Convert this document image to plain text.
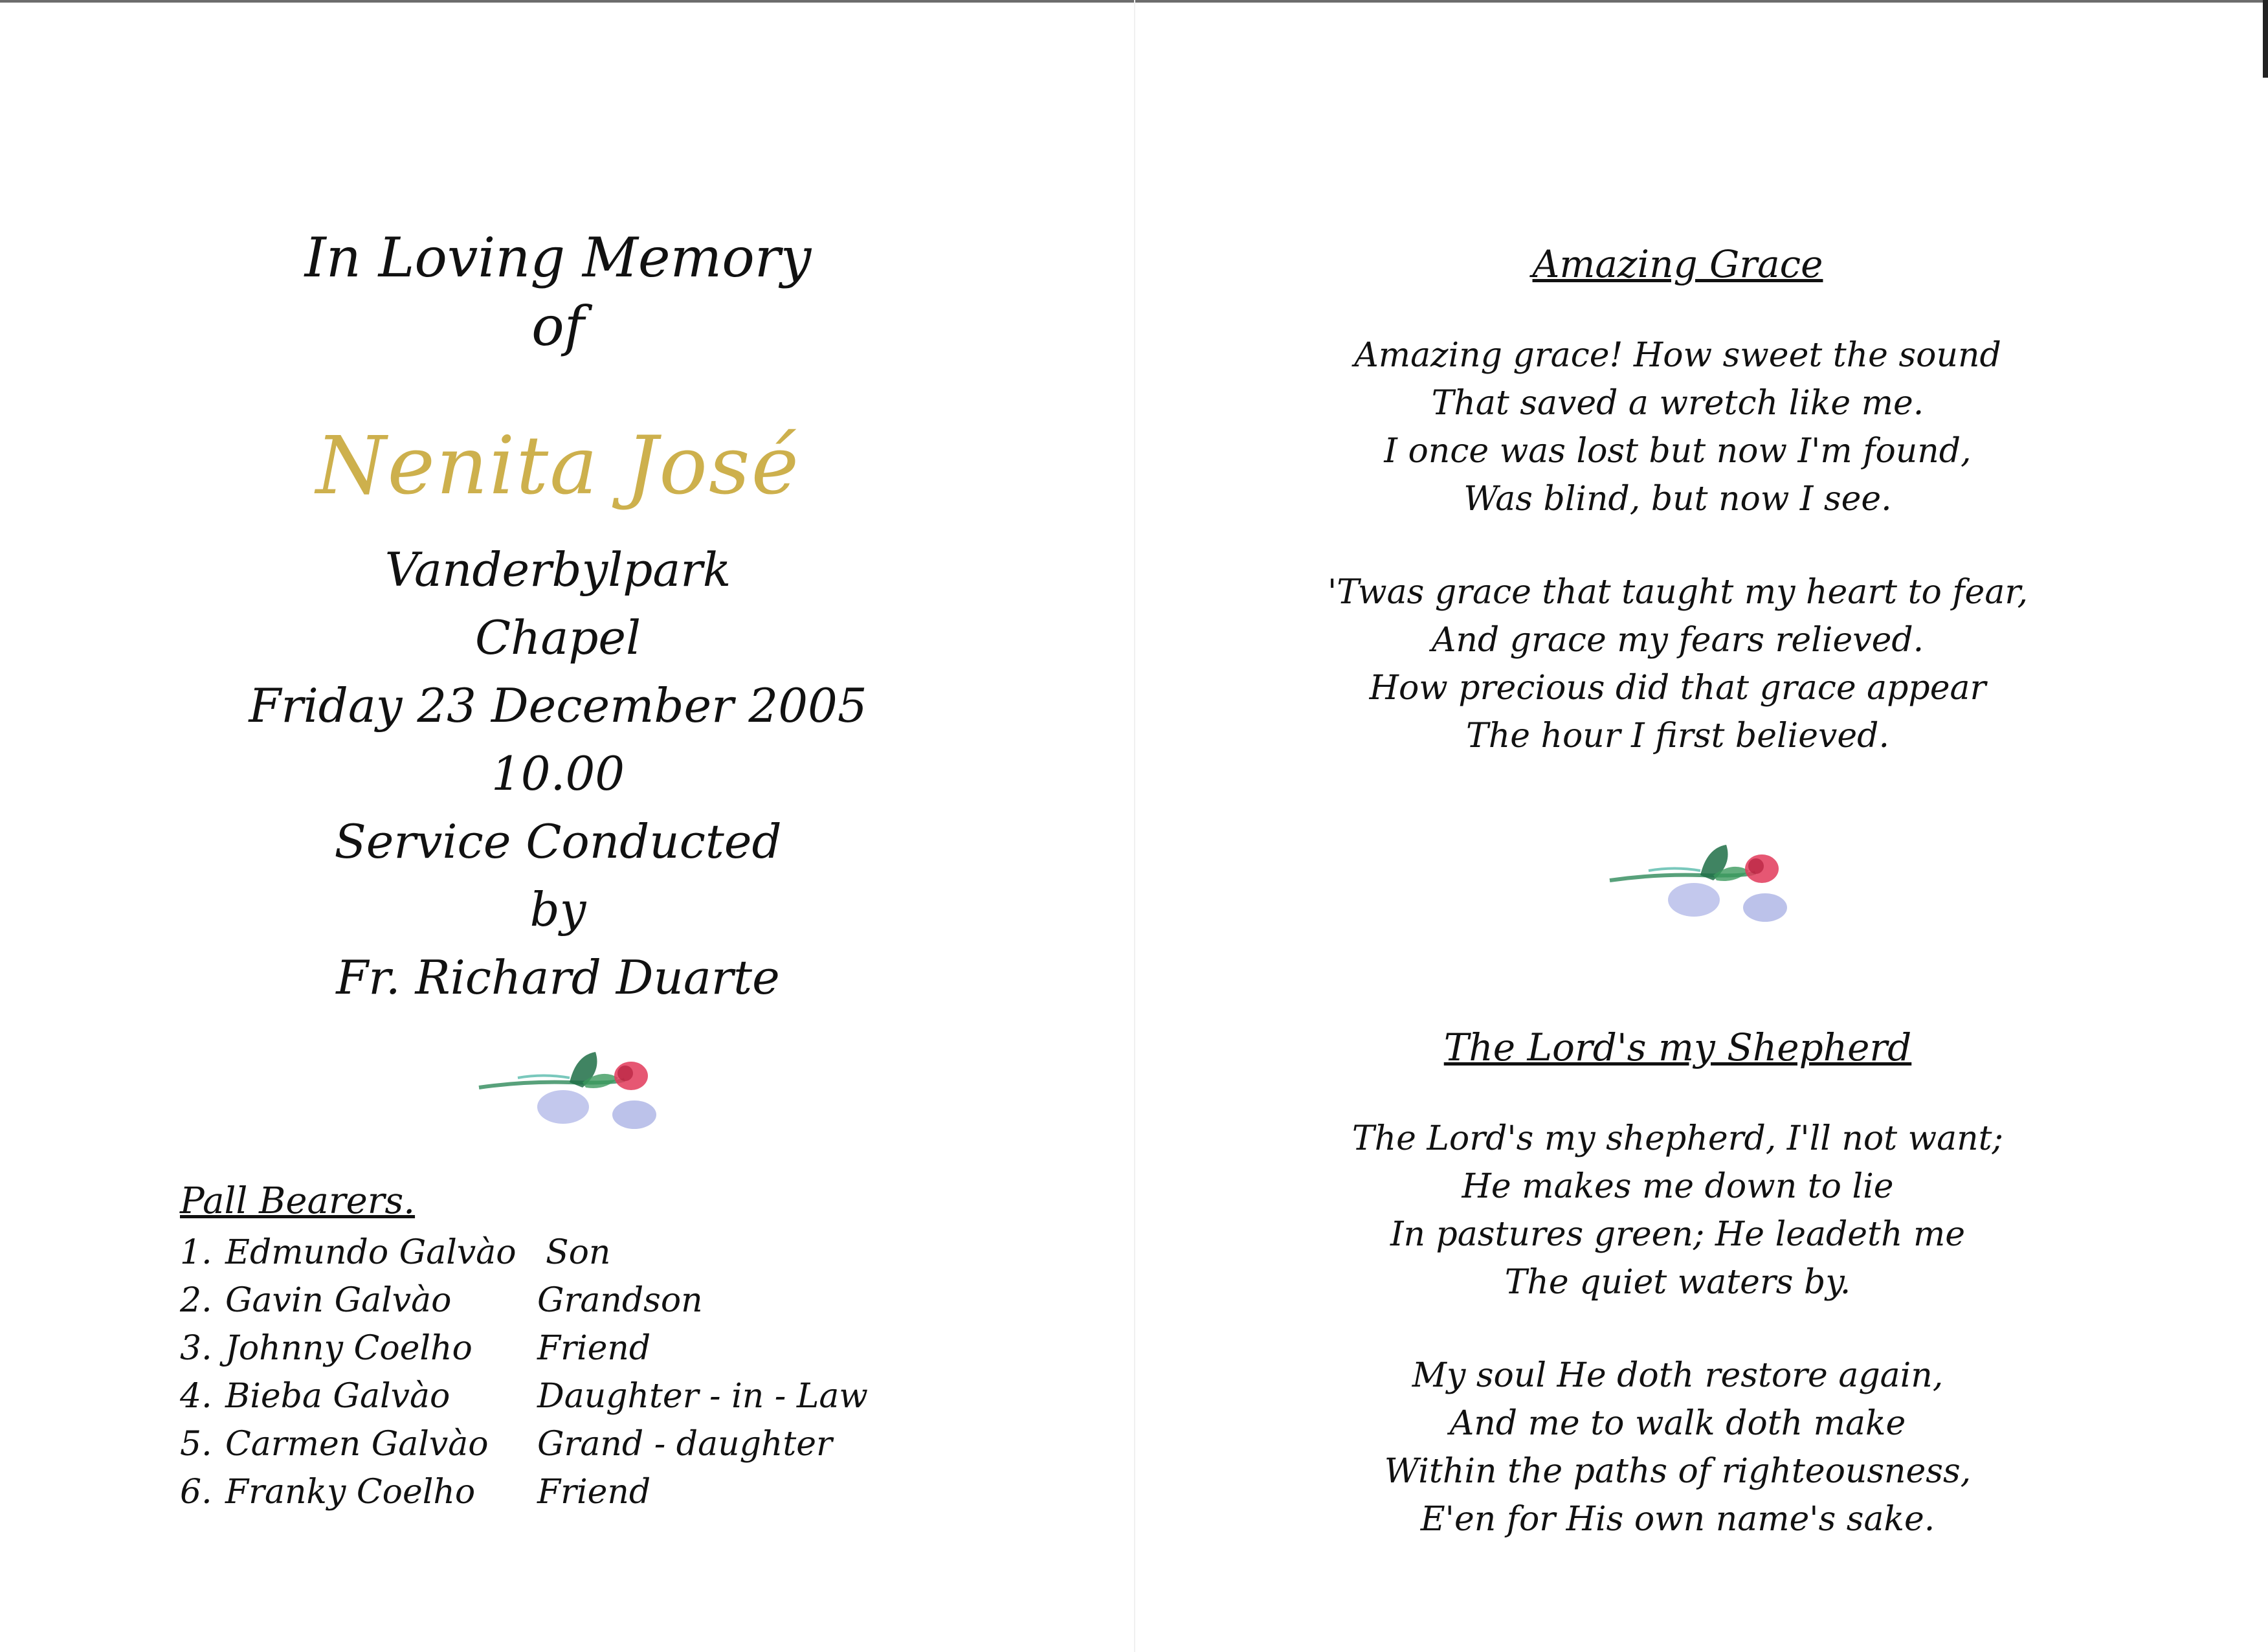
In Loving Memory

of

Nenita José

Vanderbylpark

Chapel

Friday 23 December 2005

10.00

Service Conducted

by

Fr. Richard Duarte

Pall Bearers.

1. Edmundo Galvào Son
2. Gavin Galvào	Grandson
3. Johnny Coelho Friend
4. Bieba Galvào	Daughter - in - Law
5. Carmen Galvào Grand - daughter
6. Franky Coelho Friend

Amazing Grace

Amazing grace! How sweet the sound

That saved a wretch like me.

I once was lost but now I'm found,

Was blind, but now I see.

'Twas grace that taught my heart to fear,

And grace my fears relieved.

How precious did that grace appear

The hour I first believed.

The Lord's my Shepherd

The Lord's my shepherd, I'll not want;

He makes me down to lie

In pastures green; He leadeth me

The quiet waters by.

My soul He doth restore again,

And me to walk doth make

Within the paths of righteousness,

E'en for His own name's sake.
